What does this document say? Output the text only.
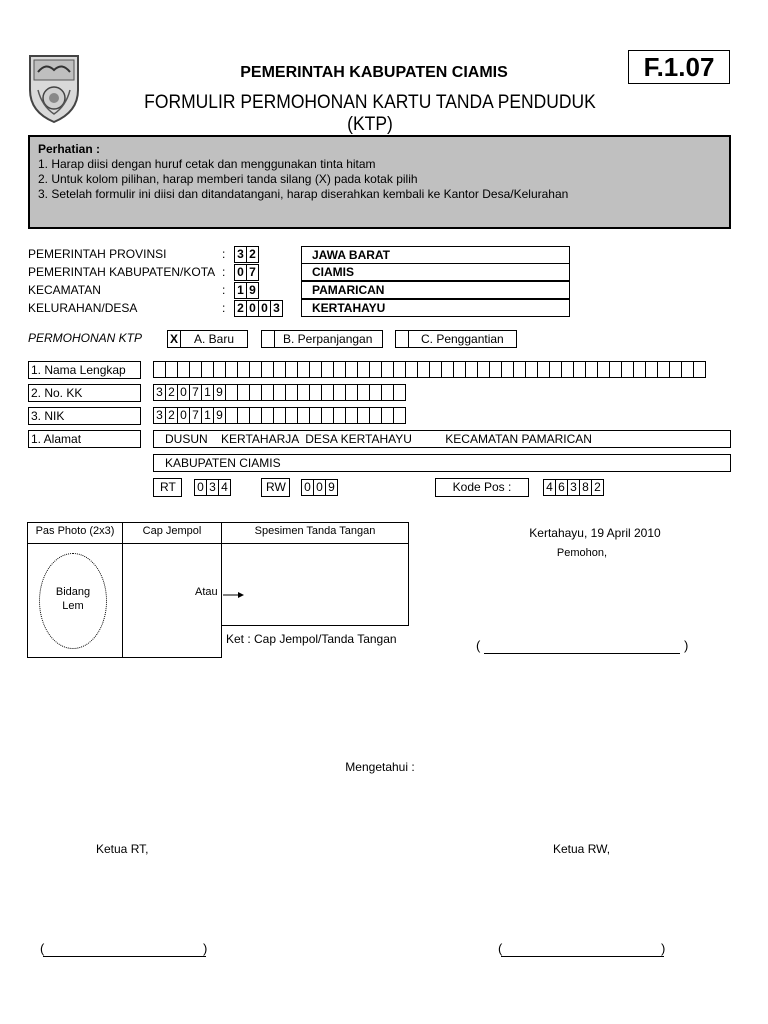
PEMERINTAH KABUPATEN CIAMIS
FORMULIR PERMOHONAN KARTU TANDA PENDUDUK (KTP)
F.1.07
Perhatian :
1. Harap diisi dengan huruf cetak dan menggunakan tinta hitam
2. Untuk kolom pilihan, harap memberi tanda silang (X) pada kotak pilih
3. Setelah formulir ini diisi dan ditandatangani, harap diserahkan kembali ke Kantor Desa/Kelurahan
PEMERINTAH PROVINSI	: 3 2	JAWA BARAT
PEMERINTAH KABUPATEN/KOTA : 0 7	CIAMIS
KECAMATAN	: 1 9	PAMARICAN
KELURAHAN/DESA	: 2 0 0 3	KERTAHAYU
PERMOHONAN KTP X	A. Baru	B. Perpanjangan	C. Penggantian
1. Nama Lengkap
2. No. KK	3 2 0 7 1 9
3. NIK	3 2 0 7 1 9
1. Alamat	DUSUN    KERTAHARJA  DESA KERTAHAYU          KECAMATAN PAMARICAN
KABUPATEN CIAMIS
RT	0 3 4	RW	0 0 9	Kode Pos :	4 6 3 8 2
Pas Photo (2x3)	Cap Jempol	Spesimen Tanda Tangan
Bidang
Lem
Atau
Ket : Cap Jempol/Tanda Tangan
Kertahayu, 19 April 2010
Pemohon,
(	)
Mengetahui :
Ketua RT,	Ketua RW,
(	)	(	)
